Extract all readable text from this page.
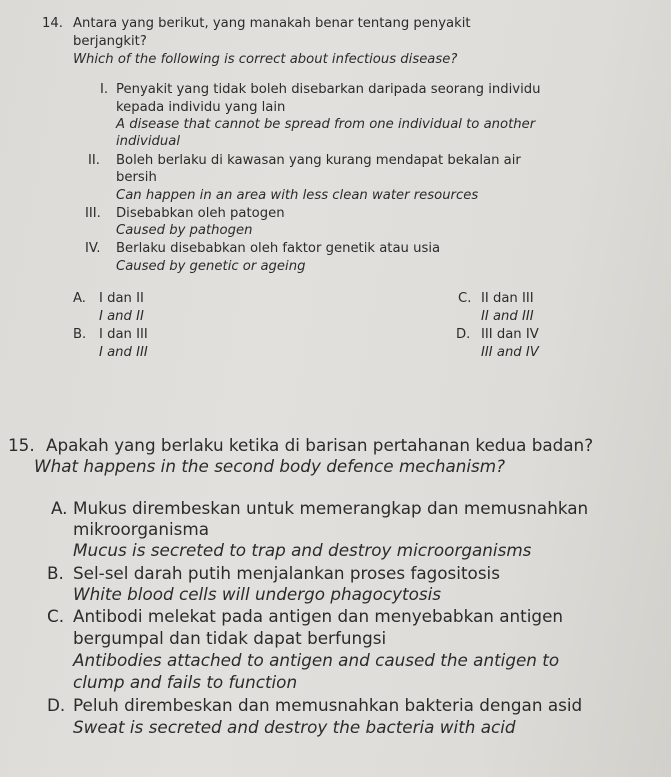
14. Antara yang berikut, yang manakah benar tentang penyakit
berjangkit?
Which of the following is correct about infectious disease?
I. Penyakit yang tidak boleh disebarkan daripada seorang individu
kepada individu yang lain
A disease that cannot be spread from one individual to another
individual
II. Boleh berlaku di kawasan yang kurang mendapat bekalan air
bersih
Can happen in an area with less clean water resources
III. Disebabkan oleh patogen
Caused by pathogen
IV. Berlaku disebabkan oleh faktor genetik atau usia
Caused by genetic or ageing
A. I dan II
I and II
B. I dan III
I and III
C. II dan III
II and III
D. III dan IV
III and IV
15. Apakah yang berlaku ketika di barisan pertahanan kedua badan?
What happens in the second body defence mechanism?
A. Mukus dirembeskan untuk memerangkap dan memusnahkan
mikroorganisma
Mucus is secreted to trap and destroy microorganisms
B. Sel-sel darah putih menjalankan proses fagositosis
White blood cells will undergo phagocytosis
C. Antibodi melekat pada antigen dan menyebabkan antigen
bergumpal dan tidak dapat berfungsi
Antibodies attached to antigen and caused the antigen to
clump and fails to function
D. Peluh dirembeskan dan memusnahkan bakteria dengan asid
Sweat is secreted and destroy the bacteria with acid
